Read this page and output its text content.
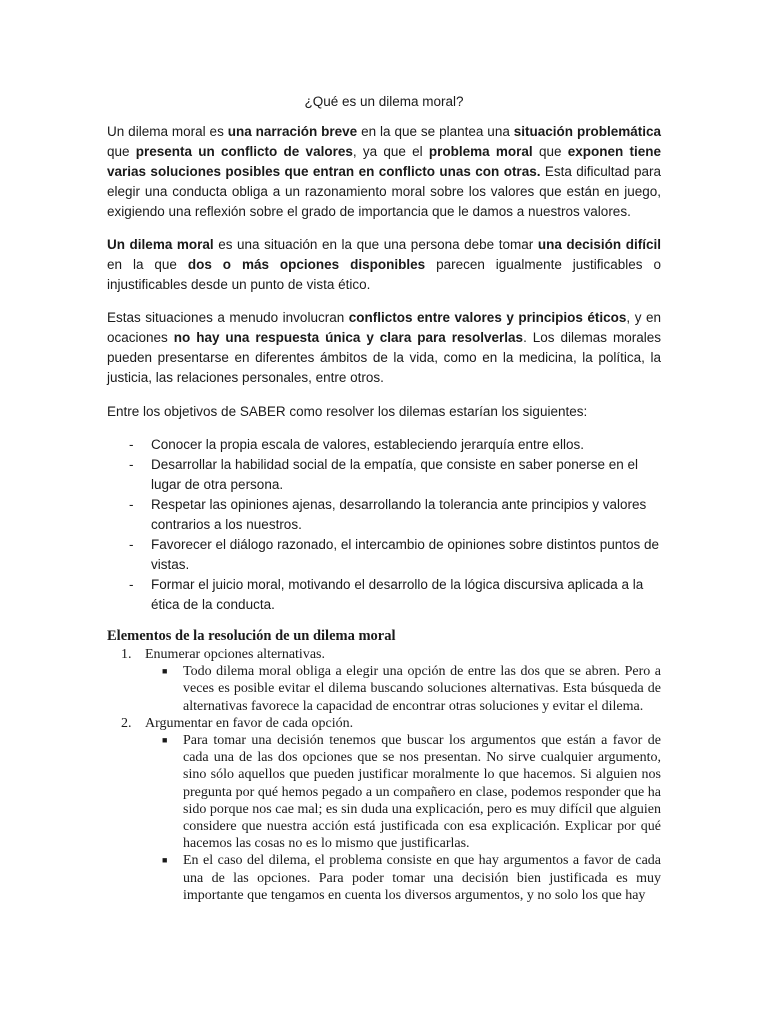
¿Qué es un dilema moral?

Un dilema moral es una narración breve en la que se plantea una situación problemática que presenta un conflicto de valores, ya que el problema moral que exponen tiene varias soluciones posibles que entran en conflicto unas con otras. Esta dificultad para elegir una conducta obliga a un razonamiento moral sobre los valores que están en juego, exigiendo una reflexión sobre el grado de importancia que le damos a nuestros valores.

Un dilema moral es una situación en la que una persona debe tomar una decisión difícil en la que dos o más opciones disponibles parecen igualmente justificables o injustificables desde un punto de vista ético.

Estas situaciones a menudo involucran conflictos entre valores y principios éticos, y en ocaciones no hay una respuesta única y clara para resolverlas. Los dilemas morales pueden presentarse en diferentes ámbitos de la vida, como en la medicina, la política, la justicia, las relaciones personales, entre otros.

Entre los objetivos de SABER como resolver los dilemas estarían los siguientes:

- Conocer la propia escala de valores, estableciendo jerarquía entre ellos.
- Desarrollar la habilidad social de la empatía, que consiste en saber ponerse en el lugar de otra persona.
- Respetar las opiniones ajenas, desarrollando la tolerancia ante principios y valores contrarios a los nuestros.
- Favorecer el diálogo razonado, el intercambio de opiniones sobre distintos puntos de vistas.
- Formar el juicio moral, motivando el desarrollo de la lógica discursiva aplicada a la ética de la conducta.
Elementos de la resolución de un dilema moral
1. Enumerar opciones alternativas.
■ Todo dilema moral obliga a elegir una opción de entre las dos que se abren. Pero a veces es posible evitar el dilema buscando soluciones alternativas. Esta búsqueda de alternativas favorece la capacidad de encontrar otras soluciones y evitar el dilema.
2. Argumentar en favor de cada opción.
■ Para tomar una decisión tenemos que buscar los argumentos que están a favor de cada una de las dos opciones que se nos presentan. No sirve cualquier argumento, sino sólo aquellos que pueden justificar moralmente lo que hacemos. Si alguien nos pregunta por qué hemos pegado a un compañero en clase, podemos responder que ha sido porque nos cae mal; es sin duda una explicación, pero es muy difícil que alguien considere que nuestra acción está justificada con esa explicación. Explicar por qué hacemos las cosas no es lo mismo que justificarlas.
■ En el caso del dilema, el problema consiste en que hay argumentos a favor de cada una de las opciones. Para poder tomar una decisión bien justificada es muy importante que tengamos en cuenta los diversos argumentos, y no solo los que hay
